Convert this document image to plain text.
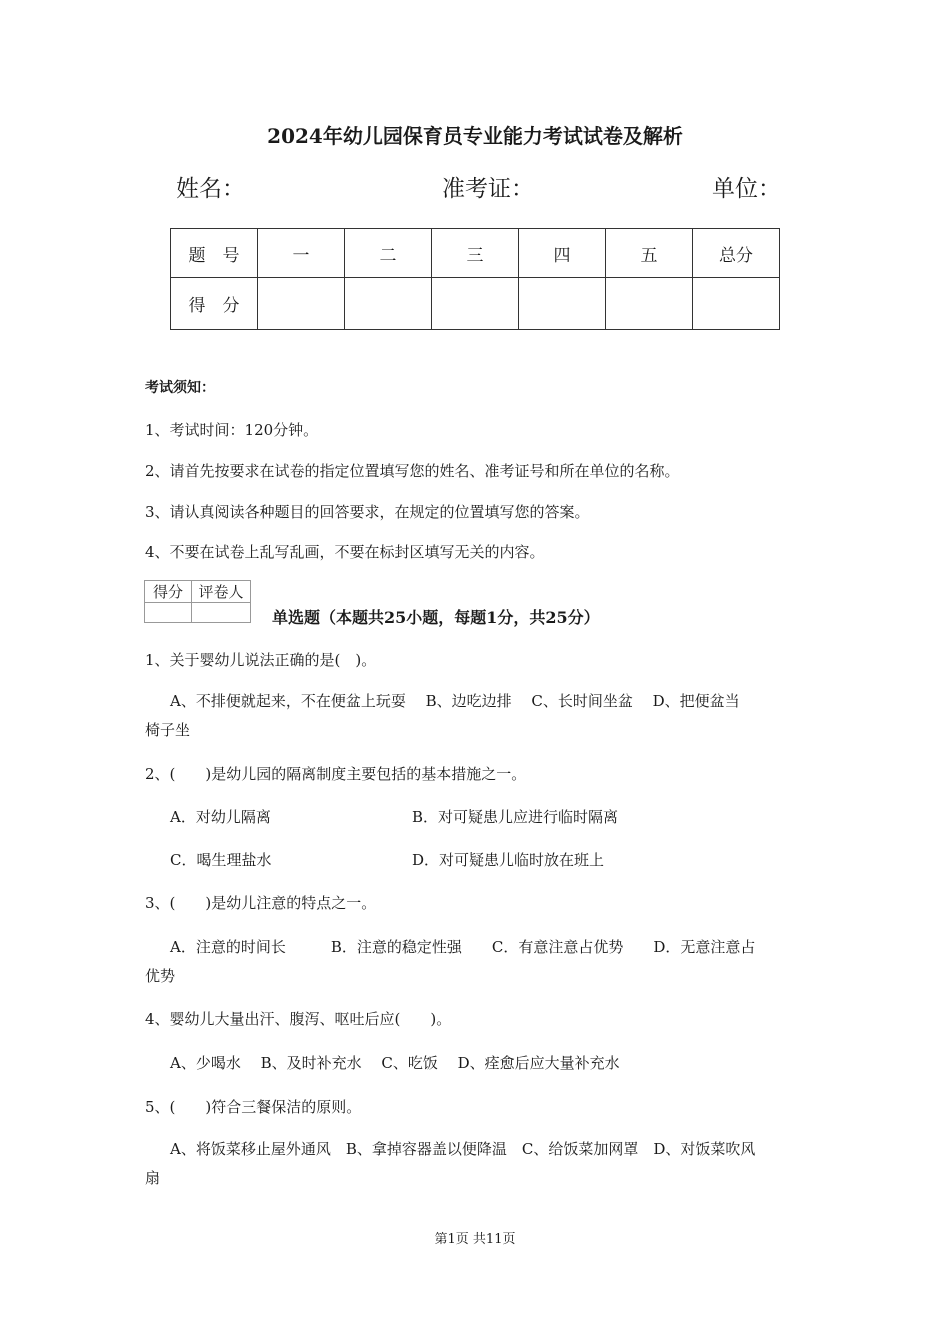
2024年幼儿园保育员专业能力考试试卷及解析
姓名：	准考证：	单位：
题　号	一	二	三	四	五	总分
得　分						
考试须知：
1、考试时间：120分钟。
2、请首先按要求在试卷的指定位置填写您的姓名、准考证号和所在单位的名称。
3、请认真阅读各种题目的回答要求，在规定的位置填写您的答案。
4、不要在试卷上乱写乱画，不要在标封区填写无关的内容。
得分	评卷人

单选题（本题共25小题，每题1分，共25分）
1、关于婴幼儿说法正确的是(　)。
A、不排便就起来，不在便盆上玩耍　 B、边吃边排　 C、长时间坐盆　 D、把便盆当
椅子坐
2、(　　)是幼儿园的隔离制度主要包括的基本措施之一。
A．对幼儿隔离	B．对可疑患儿应进行临时隔离
C．喝生理盐水	D．对可疑患儿临时放在班上
3、(　　)是幼儿注意的特点之一。
A．注意的时间长　　　B．注意的稳定性强　　C．有意注意占优势　　D．无意注意占
优势
4、婴幼儿大量出汗、腹泻、呕吐后应(　　)。
A、少喝水　 B、及时补充水　 C、吃饭　 D、痊愈后应大量补充水
5、(　　)符合三餐保洁的原则。
A、将饭菜移止屋外通风　B、拿掉容器盖以便降温　C、给饭菜加网罩　D、对饭菜吹风
扇
第1页 共11页
